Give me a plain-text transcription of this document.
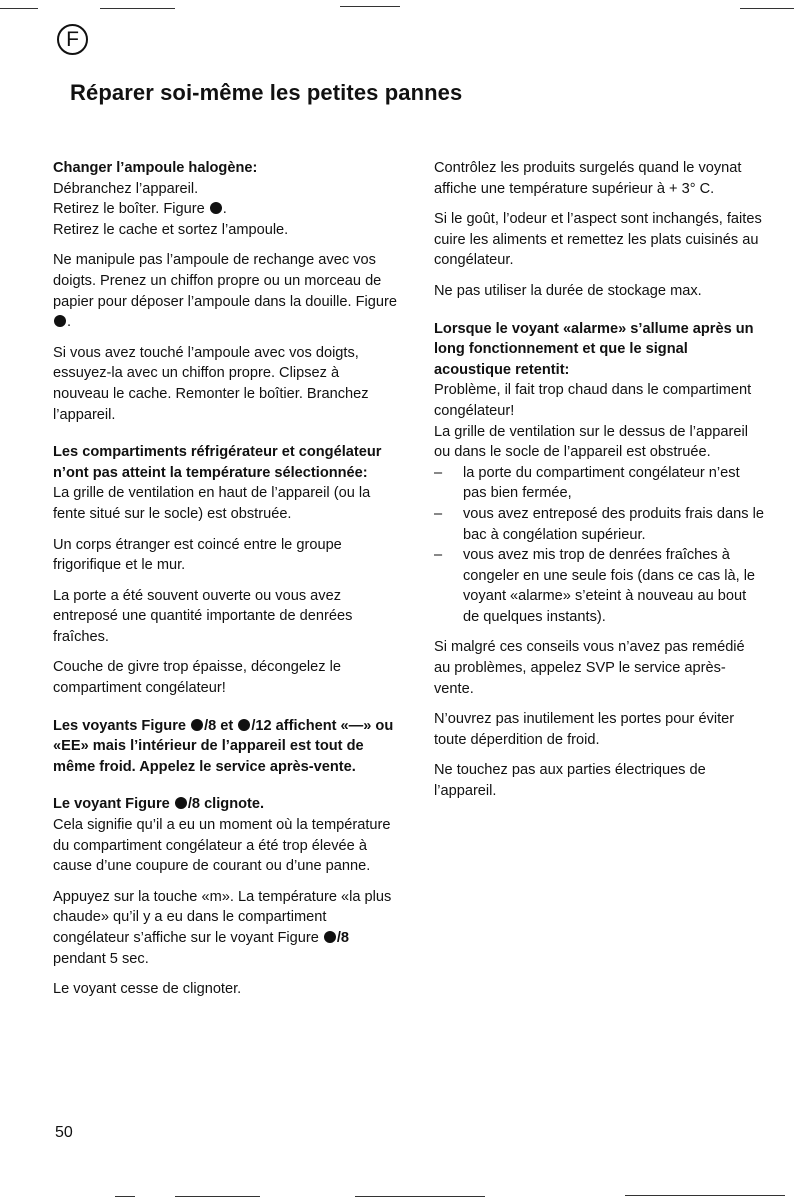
F
Réparer soi-même les petites pannes

Changer l’ampoule halogène:

Débranchez l’appareil.
Retirez le boîter. Figure .
Retirez le cache et sortez l’ampoule.

Ne manipule pas l’ampoule de rechange avec vos doigts. Prenez un chiffon propre ou un morceau de papier pour déposer l’ampoule dans la douille. Figure .

Si vous avez touché l’ampoule avec vos doigts, essuyez-la avec un chiffon propre. Clipsez à nouveau le cache. Remonter le boîtier. Branchez l’appareil.

Les compartiments réfrigérateur et congélateur n’ont pas atteint la température sélectionnée:

La grille de ventilation en haut de l’appareil (ou la fente situé sur le socle) est obstruée.

Un corps étranger est coincé entre le groupe frigorifique et le mur.

La porte a été souvent ouverte ou vous avez entreposé une quantité importante de denrées fraîches.

Couche de givre trop épaisse, décongelez le compartiment congélateur!

Les voyants Figure /8 et /12 affichent «—» ou «EE» mais l’intérieur de l’appareil est tout de même froid. Appelez le service après-vente.

Le voyant Figure /8 clignote.

Cela signifie qu’il a eu un moment où la température du compartiment congélateur a été trop élevée à cause d’une coupure de courant ou d’une panne.

Appuyez sur la touche «m». La température «la plus chaude» qu’il y a eu dans le compartiment congélateur s’affiche sur le voyant Figure /8 pendant 5 sec.

Le voyant cesse de clignoter.

Contrôlez les produits surgelés quand le voynat affiche une température supérieur à + 3° C.

Si le goût, l’odeur et l’aspect sont inchangés, faites cuire les aliments et remettez les plats cuisinés au congélateur.

Ne pas utiliser la durée de stockage max.

Lorsque le voyant «alarme» s’allume après un long fonctionnement et que le signal acoustique retentit:

Problème, il fait trop chaud dans le compartiment congélateur!

La grille de ventilation sur le dessus de l’appareil ou dans le socle de l’appareil est obstruée.

– la porte du compartiment congélateur n’est pas bien fermée,
– vous avez entreposé des produits frais dans le bac à congélation supérieur.
– vous avez mis trop de denrées fraîches à congeler en une seule fois (dans ce cas là, le voyant «alarme» s’eteint à nouveau au bout de quelques instants).

Si malgré ces conseils vous n’avez pas remédié au problèmes, appelez SVP le service après-vente.

N’ouvrez pas inutilement les portes pour éviter toute déperdition de froid.

Ne touchez pas aux parties électriques de l’appareil.

50
